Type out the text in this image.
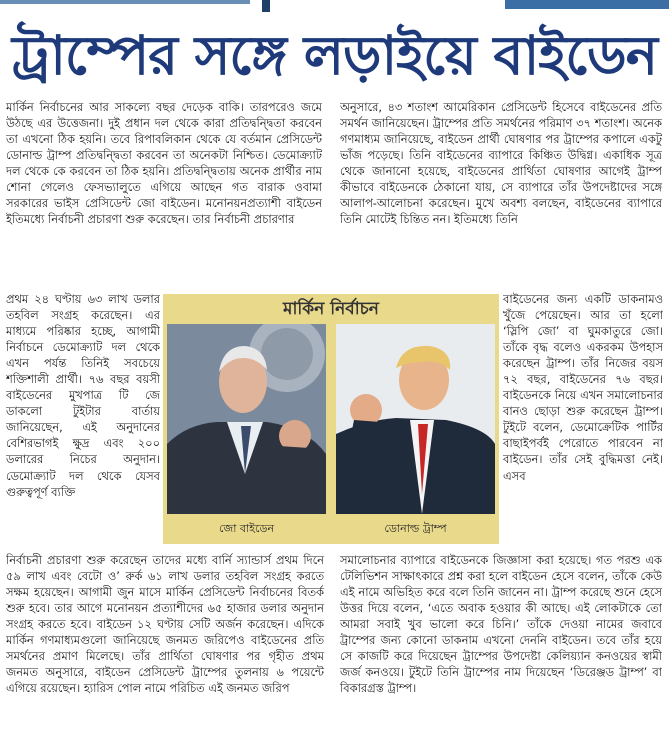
ট্রাম্পের সঙ্গে লড়াইয়ে বাইডেন

মার্কিন নির্বাচনের আর সাকল্যে বছর দেড়েক বাকি। তারপরেও জমে উঠছে এর উত্তেজনা। দুই প্রধান দল থেকে কারা প্রতিদ্বন্দ্বিতা করবেন তা এখনো ঠিক হয়নি। তবে রিপাবলিকান থেকে যে বর্তমান প্রেসিডেন্ট ডোনাল্ড ট্রাম্প প্রতিদ্বন্দ্বিতা করবেন তা অনেকটা নিশ্চিত। ডেমোক্র্যাট দল থেকে কে করবেন তা ঠিক হয়নি। প্রতিদ্বন্দ্বিতায় অনেক প্রার্থীর নাম শোনা গেলেও ফেসভ্যালুতে এগিয়ে আছেন গত বারাক ওবামা সরকারের ভাইস প্রেসিডেন্ট জো বাইডেন। মনোনয়নপ্রত্যাশী বাইডেন ইতিমধ্যে নির্বাচনী প্রচারণা শুরু করেছেন। তার নির্বাচনী প্রচারণার

অনুসারে, ৪৩ শতাংশ আমেরিকান প্রেসিডেন্ট হিসেবে বাইডেনের প্রতি সমর্থন জানিয়েছেন। ট্রাম্পের প্রতি সমর্থনের পরিমাণ ৩৭ শতাংশ। অনেক গণমাধ্যম জানিয়েছে, বাইডেন প্রার্থী ঘোষণার পর ট্রাম্পের কপালে একটু ভাঁজ পড়েছে। তিনি বাইডেনের ব্যাপারে কিঞ্চিত উদ্বিগ্ন। একাধিক সূত্র থেকে জানানো হয়েছে, বাইডেনের প্রার্থিতা ঘোষণার আগেই ট্রাম্প কীভাবে বাইডেনকে ঠেকানো যায়, সে ব্যাপারে তাঁর উপদেষ্টাদের সঙ্গে আলাপ-আলোচনা করেছেন। মুখে অবশ্য বলছেন, বাইডেনের ব্যাপারে তিনি মোটেই চিন্তিত নন। ইতিমধ্যে তিনি

প্রথম ২৪ ঘণ্টায় ৬৩ লাখ ডলার তহবিল সংগ্রহ করেছেন। এর মাধ্যমে পরিষ্কার হচ্ছে, আগামী নির্বাচনে ডেমোক্র্যাট দল থেকে এখন পর্যন্ত তিনিই সবচেয়ে শক্তিশালী প্রার্থী। ৭৬ বছর বয়সী বাইডেনের মুখপাত্র টি জে ডাকলো টুইটার বার্তায় জানিয়েছেন, এই অনুদানের বেশিরভাগই ক্ষুদ্র এবং ২০০ ডলারের নিচের অনুদান। ডেমোক্র্যাট দল থেকে যেসব গুরুত্বপূর্ণ ব্যক্তি

বাইডেনের জন্য একটি ডাকনামও খুঁজে পেয়েছেন। আর তা হলো ‘স্লিপি জো’ বা ঘুমকাতুরে জো। তাঁকে বৃদ্ধ বলেও একরকম উপহাস করেছেন ট্রাম্প। তাঁর নিজের বয়স ৭২ বছর, বাইডেনের ৭৬ বছর। বাইডেনকে নিয়ে এখন সমালোচনার বানও ছোড়া শুরু করেছেন ট্রাম্প। টুইটে বলেন, ডেমোক্রেটিক পার্টির বাছাইপর্বই পেরোতে পারবেন না বাইডেন। তাঁর সেই বুদ্ধিমত্তা নেই। এসব

মার্কিন নির্বাচন
জো বাইডেন	ডোনাল্ড ট্রাম্প

নির্বাচনী প্রচারণা শুরু করেছেন তাদের মধ্যে বার্নি স্যান্ডার্স প্রথম দিনে ৫৯ লাখ এবং বেটো ও’ রুর্ক ৬১ লাখ ডলার তহবিল সংগ্রহ করতে সক্ষম হয়েছেন। আগামী জুন মাসে মার্কিন প্রেসিডেন্ট নির্বাচনের বিতর্ক শুরু হবে। তার আগে মনোনয়ন প্রত্যাশীদের ৬৫ হাজার ডলার অনুদান সংগ্রহ করতে হবে। বাইডেন ১২ ঘণ্টায় সেটি অর্জন করেছেন। এদিকে মার্কিন গণমাধ্যমগুলো জানিয়েছে জনমত জরিপেও বাইডেনের প্রতি সমর্থনের প্রমাণ মিলেছে। তাঁর প্রার্থিতা ঘোষণার পর গৃহীত প্রথম জনমত অনুসারে, বাইডেন প্রেসিডেন্ট ট্রাম্পের তুলনায় ৬ পয়েন্টে এগিয়ে রয়েছেন। হ্যারিস পোল নামে পরিচিত এই জনমত জরিপ

সমালোচনার ব্যাপারে বাইডেনকে জিজ্ঞাসা করা হয়েছে। গত পরশু এক টেলিভিশন সাক্ষাৎকারে প্রশ্ন করা হলে বাইডেন হেসে বলেন, তাঁকে কেউ এই নামে অভিহিত করে বলে তিনি জানেন না। ট্রাম্প করেছে শুনে হেসে উত্তর দিয়ে বলেন, ‘এতে অবাক হওয়ার কী আছে। এই লোকটাকে তো আমরা সবাই খুব ভালো করে চিনি।’ তাঁকে দেওয়া নামের জবাবে ট্রাম্পের জন্য কোনো ডাকনাম এখনো দেননি বাইডেন। তবে তাঁর হয়ে সে কাজটি করে দিয়েছেন ট্রাম্পের উপদেষ্টা কেলিয়্যান কনওয়ের স্বামী জর্জ কনওয়ে। টুইটে তিনি ট্রাম্পের নাম দিয়েছেন ‘ডিরেঞ্জড ট্রাম্প’ বা বিকারগ্রস্ত ট্রাম্প।
